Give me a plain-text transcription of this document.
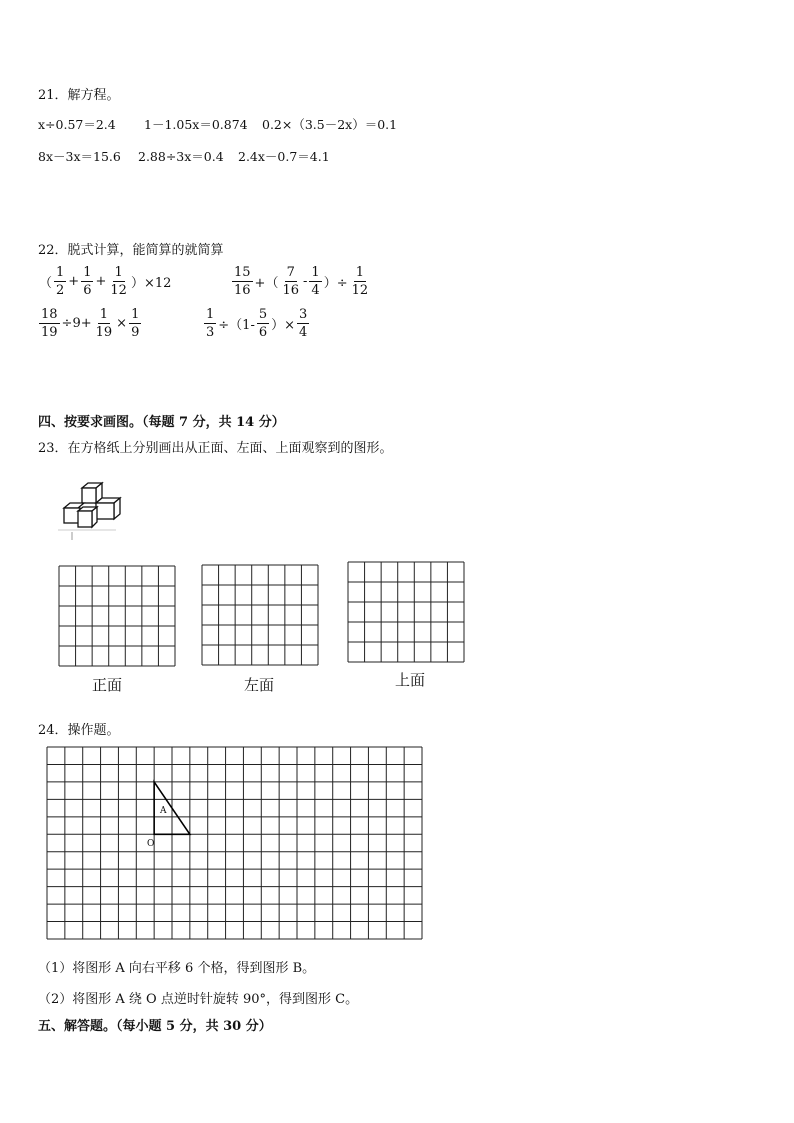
21．解方程。
x÷0.57＝2.4 1－1.05x＝0.874 0.2×（3.5－2x）＝0.1
8x－3x＝15.6 2.88÷3x＝0.4 2.4x－0.7＝4.1
22．脱式计算，能简算的就简算
（ $\frac{1}{2} + \frac{1}{6} + \frac{1}{12} )\times 12$	$\frac{15}{16}$ +（ $\frac{7}{16} - \frac{1}{4}$ ）÷ $\frac{1}{12}$
$\frac{18}{19} \div 9+ \frac{1}{19} \times \frac{1}{9}$	$\frac{1}{3} \div(1- \frac{5}{6}$ ）× $\frac{3}{4}$
四、按要求画图。（每题 7 分，共 14 分）
23．在方格纸上分别画出从正面、左面、上面观察到的图形。
正面	左面	上面
24．操作题。
A
O
（1）将图形 A 向右平移 6 个格，得到图形 B。
（2）将图形 A 绕 O 点逆时针旋转 90°，得到图形 C。
五、解答题。（每小题 5 分，共 30 分）
